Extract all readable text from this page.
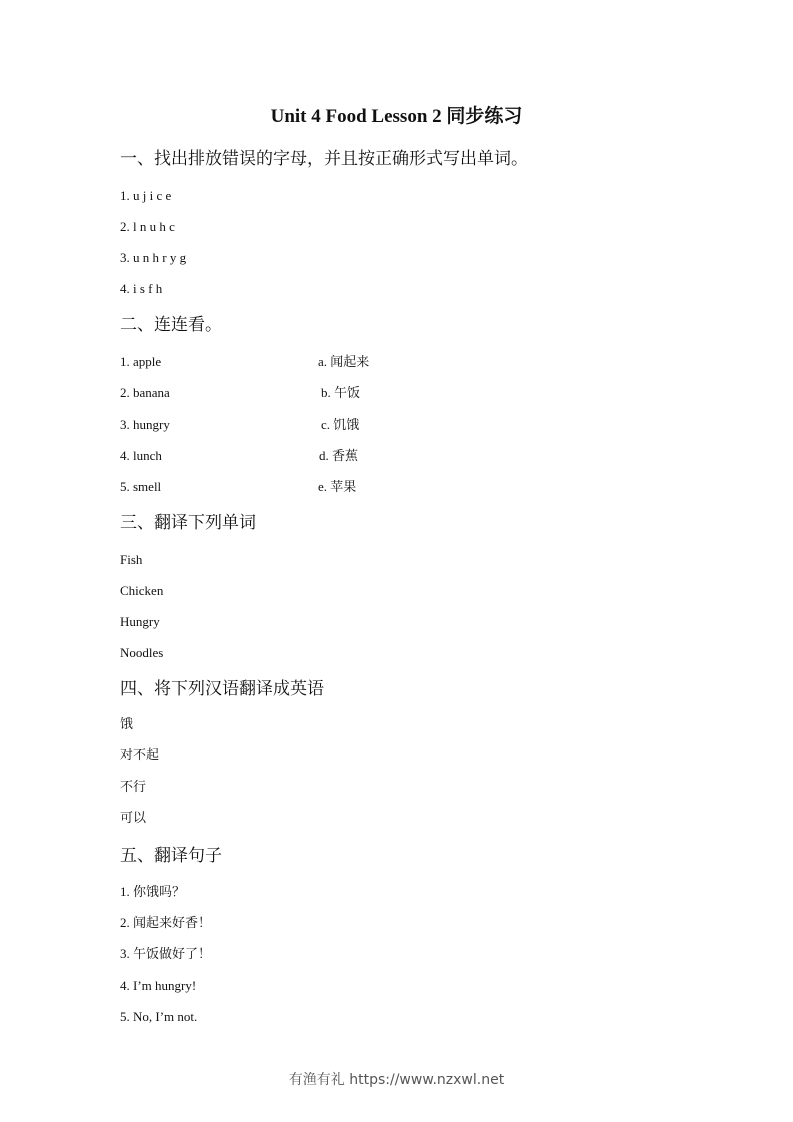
Unit 4 Food Lesson 2 同步练习
一、找出排放错误的字母，并且按正确形式写出单词。
1. u j i c e
2. l n u h c
3. u n h r y g
4. i s f h
二、连连看。
1. apple
2. banana
3. hungry
4. lunch
5. smell
a. 闻起来
b. 午饭
c. 饥饿
d. 香蕉
e. 苹果
三、翻译下列单词
Fish
Chicken
Hungry
Noodles
四、将下列汉语翻译成英语
饿
对不起
不行
可以
五、翻译句子
1. 你饿吗？
2. 闻起来好香！
3. 午饭做好了！
4. I’m hungry!
5. No, I’m not.
有渔有礼 https://www.nzxwl.net
